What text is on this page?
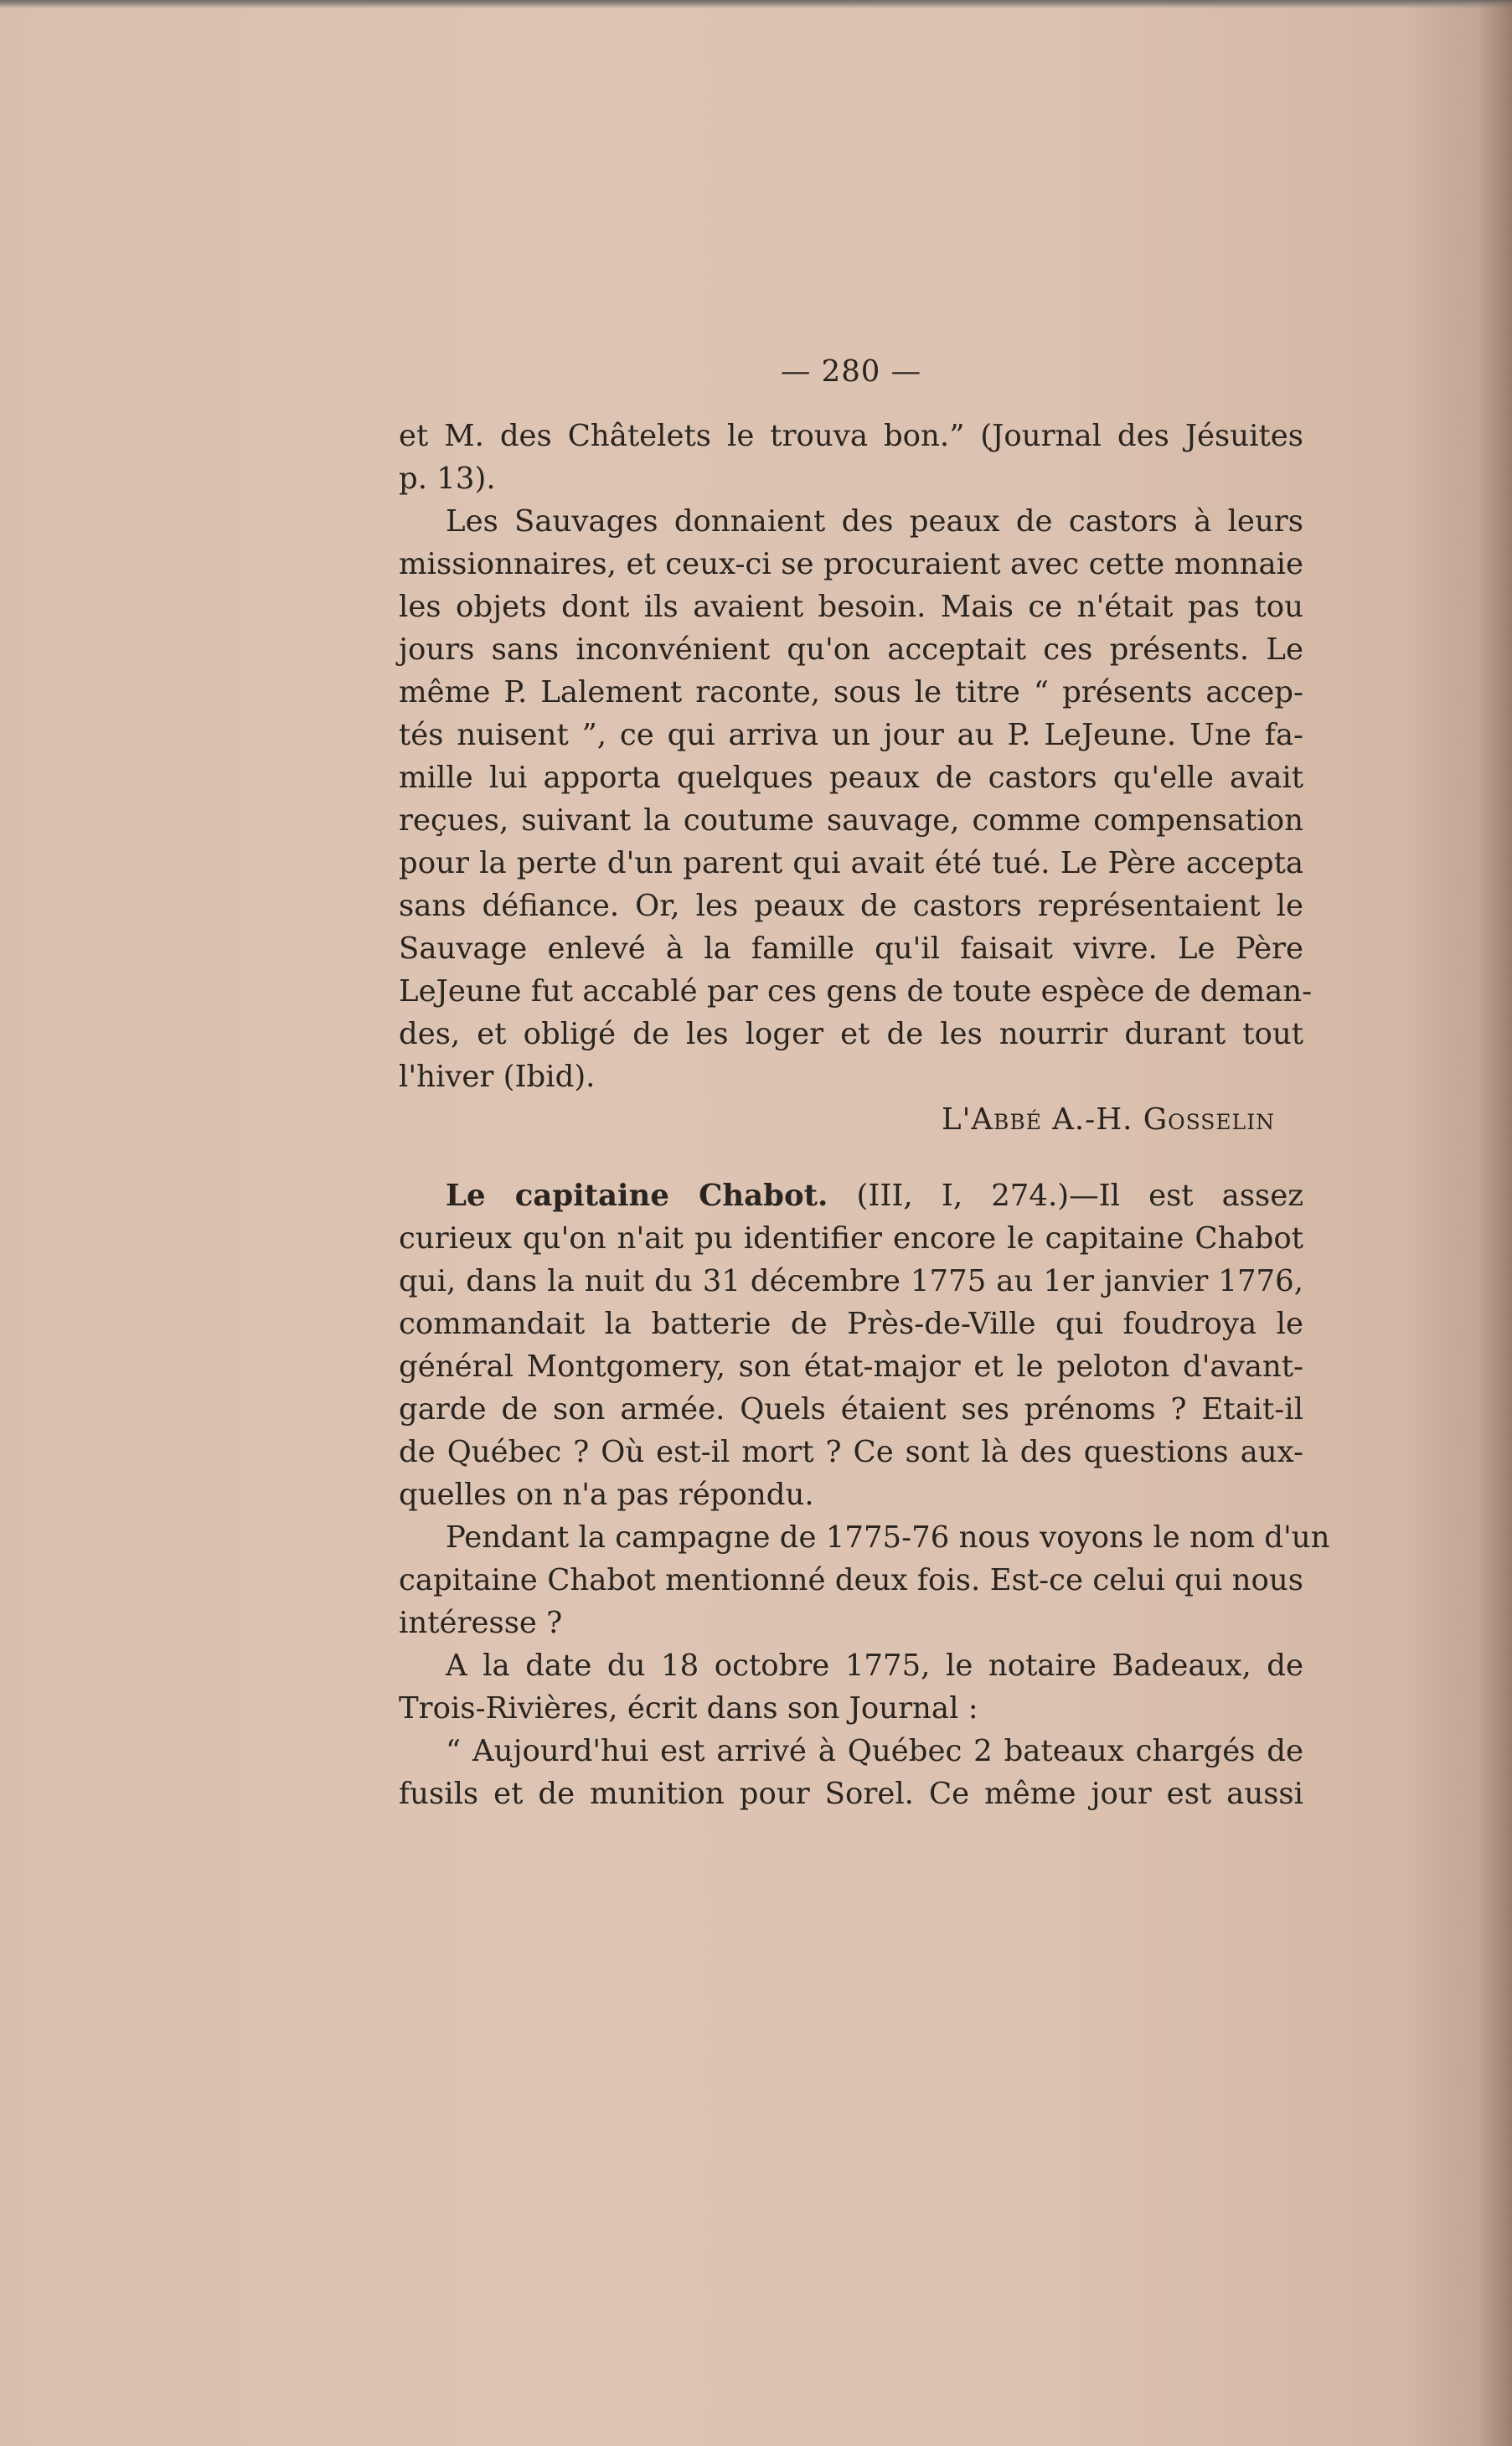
— 280 —
et M. des Châtelets le trouva bon.” (Journal des Jésuites
p. 13).
Les Sauvages donnaient des peaux de castors à leurs
missionnaires, et ceux-ci se procuraient avec cette monnaie
les objets dont ils avaient besoin. Mais ce n'était pas tou
jours sans inconvénient qu'on acceptait ces présents. Le
même P. Lalement raconte, sous le titre “ présents accep-
tés nuisent ”, ce qui arriva un jour au P. LeJeune. Une fa-
mille lui apporta quelques peaux de castors qu'elle avait
reçues, suivant la coutume sauvage, comme compensation
pour la perte d'un parent qui avait été tué. Le Père accepta
sans défiance. Or, les peaux de castors représentaient le
Sauvage enlevé à la famille qu'il faisait vivre. Le Père
LeJeune fut accablé par ces gens de toute espèce de deman-
des, et obligé de les loger et de les nourrir durant tout
l'hiver (Ibid).
L'Abbé A.-H. Gosselin
Le capitaine Chabot. (III, I, 274.)—Il est assez
curieux qu'on n'ait pu identifier encore le capitaine Chabot
qui, dans la nuit du 31 décembre 1775 au 1er janvier 1776,
commandait la batterie de Près-de-Ville qui foudroya le
général Montgomery, son état-major et le peloton d'avant-
garde de son armée. Quels étaient ses prénoms ? Etait-il
de Québec ? Où est-il mort ? Ce sont là des questions aux-
quelles on n'a pas répondu.
Pendant la campagne de 1775-76 nous voyons le nom d'un
capitaine Chabot mentionné deux fois. Est-ce celui qui nous
intéresse ?
A la date du 18 octobre 1775, le notaire Badeaux, de
Trois-Rivières, écrit dans son Journal :
“ Aujourd'hui est arrivé à Québec 2 bateaux chargés de
fusils et de munition pour Sorel. Ce même jour est aussi
